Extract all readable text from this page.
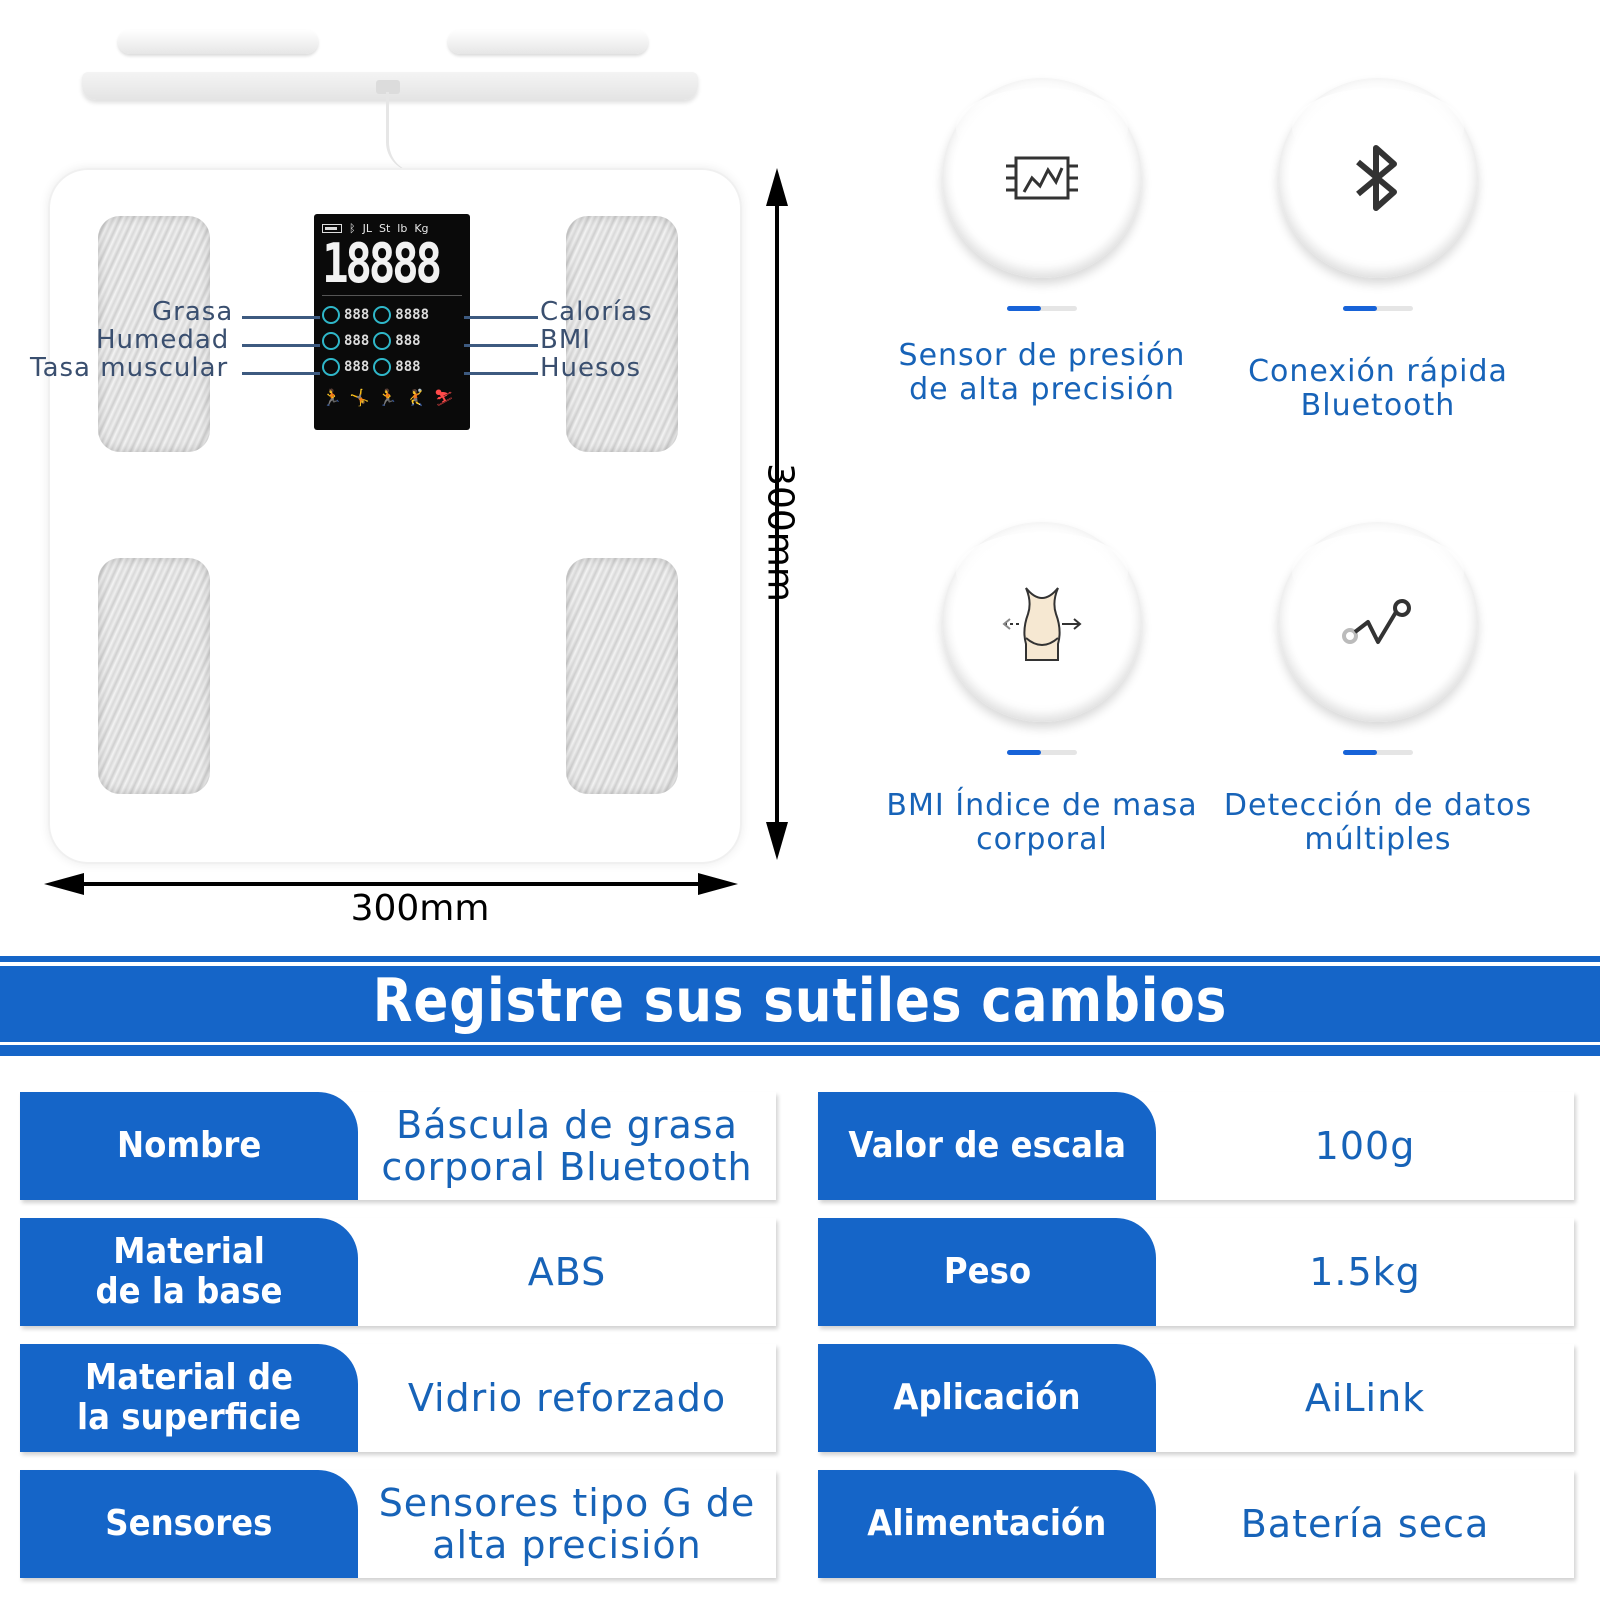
ᛒ JL St lb Kg
18888
888 8888
888 888
888 888
🏃 🤸 🏃 🤾 ⛷
Grasa
Humedad
Tasa muscular
Calorías
BMI
Huesos
300mm
300mm
Sensor de presión de alta precisión
Conexión rápida Bluetooth
BMI Índice de masa corporal
Detección de datos múltiples
Registre sus sutiles cambios
Nombre	Báscula de grasa corporal Bluetooth
Material de la base	ABS
Material de la superficie	Vidrio reforzado
Sensores	Sensores tipo G de alta precisión
Valor de escala	100g
Peso	1.5kg
Aplicación	AiLink
Alimentación	Batería seca
